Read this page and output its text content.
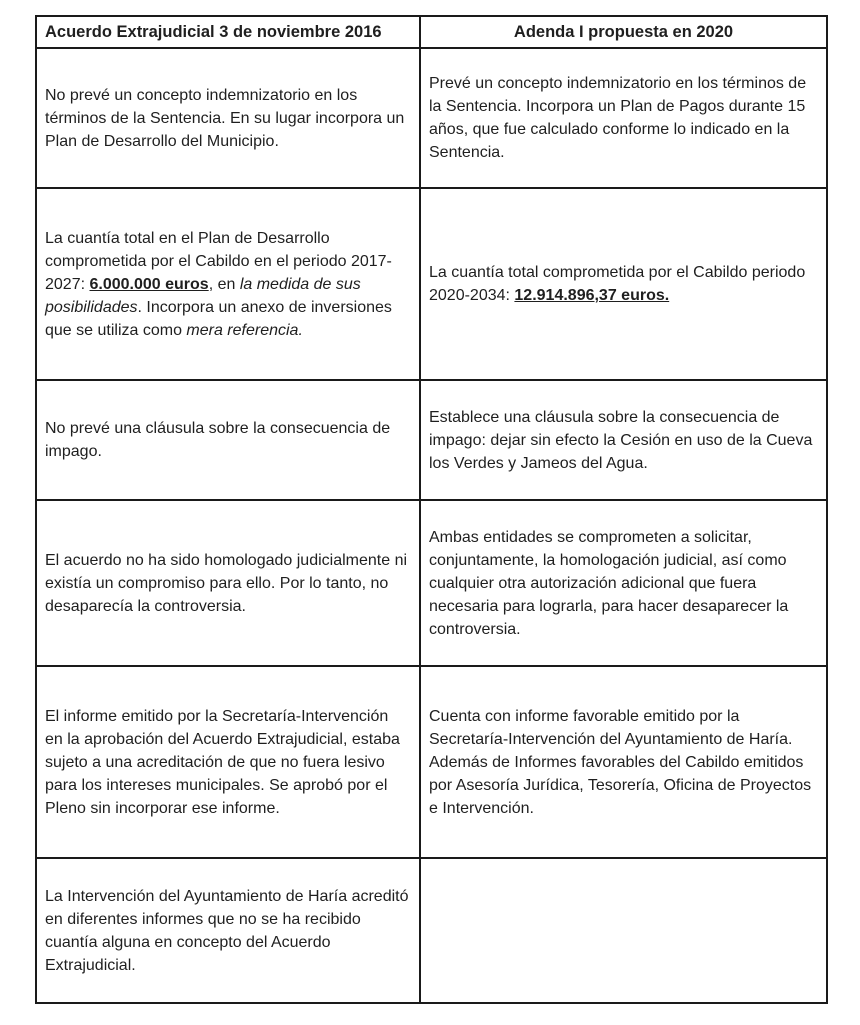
Acuerdo Extrajudicial 3 de noviembre 2016	Adenda I propuesta en 2020
No prevé un concepto indemnizatorio en los términos de la Sentencia. En su lugar incorpora un Plan de Desarrollo del Municipio.	Prevé un concepto indemnizatorio en los términos de la Sentencia. Incorpora un Plan de Pagos durante 15 años, que fue calculado conforme lo indicado en la Sentencia.
La cuantía total en el Plan de Desarrollo comprometida por el Cabildo en el periodo 2017-2027: 6.000.000 euros, en la medida de sus posibilidades. Incorpora un anexo de inversiones que se utiliza como mera referencia.	La cuantía total comprometida por el Cabildo periodo 2020-2034: 12.914.896,37 euros.
No prevé una cláusula sobre la consecuencia de impago.	Establece una cláusula sobre la consecuencia de impago: dejar sin efecto la Cesión en uso de la Cueva los Verdes y Jameos del Agua.
El acuerdo no ha sido homologado judicialmente ni existía un compromiso para ello. Por lo tanto, no desaparecía la controversia.	Ambas entidades se comprometen a solicitar, conjuntamente, la homologación judicial, así como cualquier otra autorización adicional que fuera necesaria para lograrla, para hacer desaparecer la controversia.
El informe emitido por la Secretaría-Intervención en la aprobación del Acuerdo Extrajudicial, estaba sujeto a una acreditación de que no fuera lesivo para los intereses municipales. Se aprobó por el Pleno sin incorporar ese informe.	Cuenta con informe favorable emitido por la Secretaría-Intervención del Ayuntamiento de Haría. Además de Informes favorables del Cabildo emitidos por Asesoría Jurídica, Tesorería, Oficina de Proyectos e Intervención.
La Intervención del Ayuntamiento de Haría acreditó en diferentes informes que no se ha recibido cuantía alguna en concepto del Acuerdo Extrajudicial.	
